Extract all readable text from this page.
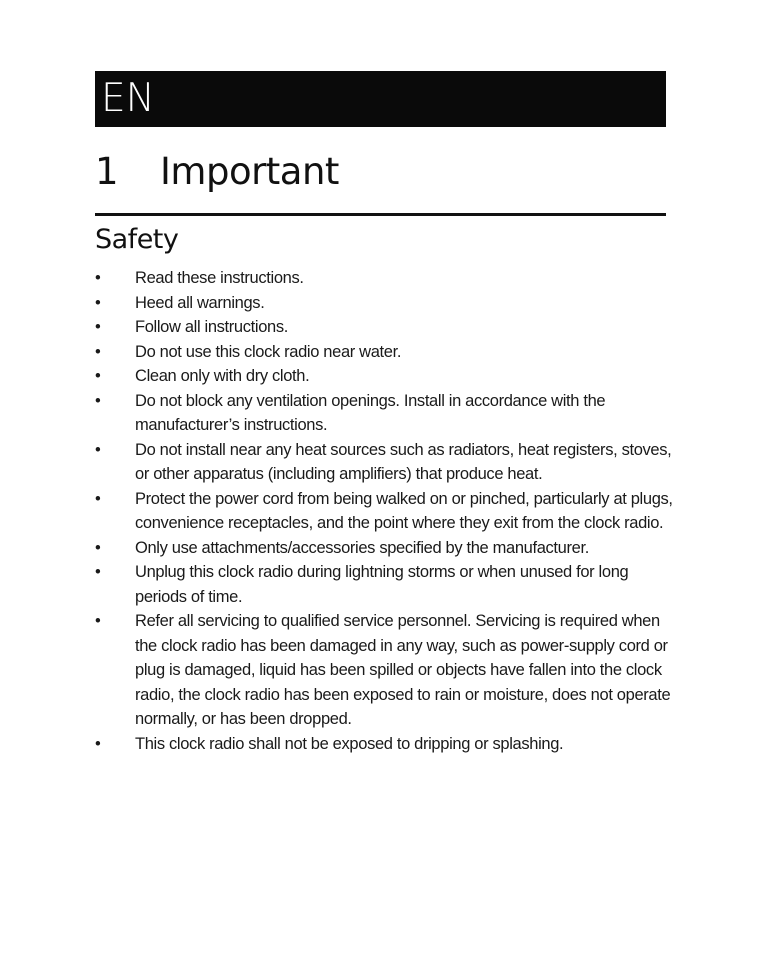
EN
1 Important
Safety
•	Read these instructions.
•	Heed all warnings.
•	Follow all instructions.
•	Do not use this clock radio near water.
•	Clean only with dry cloth.
•	Do not block any ventilation openings. Install in accordance with the manufacturer’s instructions.
•	Do not install near any heat sources such as radiators, heat registers, stoves, or other apparatus (including amplifiers) that produce heat.
•	Protect the power cord from being walked on or pinched, particularly at plugs, convenience receptacles, and the point where they exit from the clock radio.
•	Only use attachments/accessories specified by the manufacturer.
•	Unplug this clock radio during lightning storms or when unused for long periods of time.
•	Refer all servicing to qualified service personnel. Servicing is required when the clock radio has been damaged in any way, such as power-supply cord or plug is damaged, liquid has been spilled or objects have fallen into the clock radio, the clock radio has been exposed to rain or moisture, does not operate normally, or has been dropped.
•	This clock radio shall not be exposed to dripping or splashing.
